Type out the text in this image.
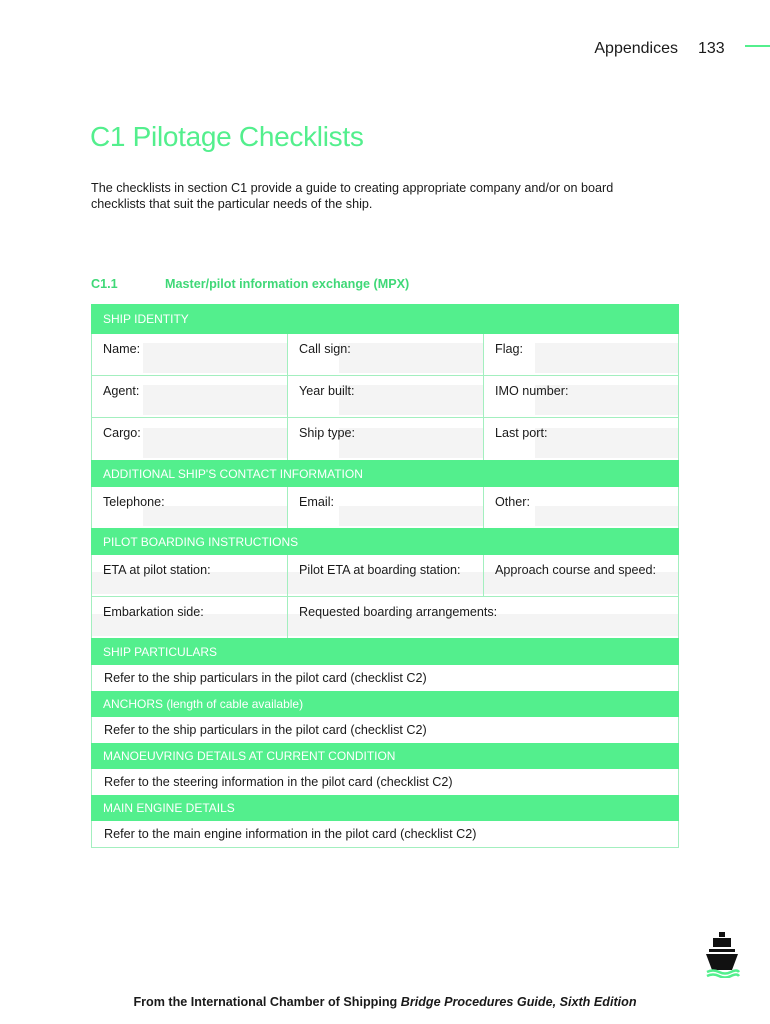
Appendices 133
C1 Pilotage Checklists

The checklists in section C1 provide a guide to creating appropriate company and/or on board checklists that suit the particular needs of the ship.

C1.1	Master/pilot information exchange (MPX)
SHIP IDENTITY
Name:	Call sign:	Flag:
Agent:	Year built:	IMO number:
Cargo:	Ship type:	Last port:
ADDITIONAL SHIP'S CONTACT INFORMATION
Telephone:	Email:	Other:
PILOT BOARDING INSTRUCTIONS
ETA at pilot station:	Pilot ETA at boarding station:	Approach course and speed:
Embarkation side:	Requested boarding arrangements:
SHIP PARTICULARS
Refer to the ship particulars in the pilot card (checklist C2)
ANCHORS (length of cable available)
Refer to the ship particulars in the pilot card (checklist C2)
MANOEUVRING DETAILS AT CURRENT CONDITION
Refer to the steering information in the pilot card (checklist C2)
MAIN ENGINE DETAILS
Refer to the main engine information in the pilot card (checklist C2)
From the International Chamber of Shipping Bridge Procedures Guide, Sixth Edition
